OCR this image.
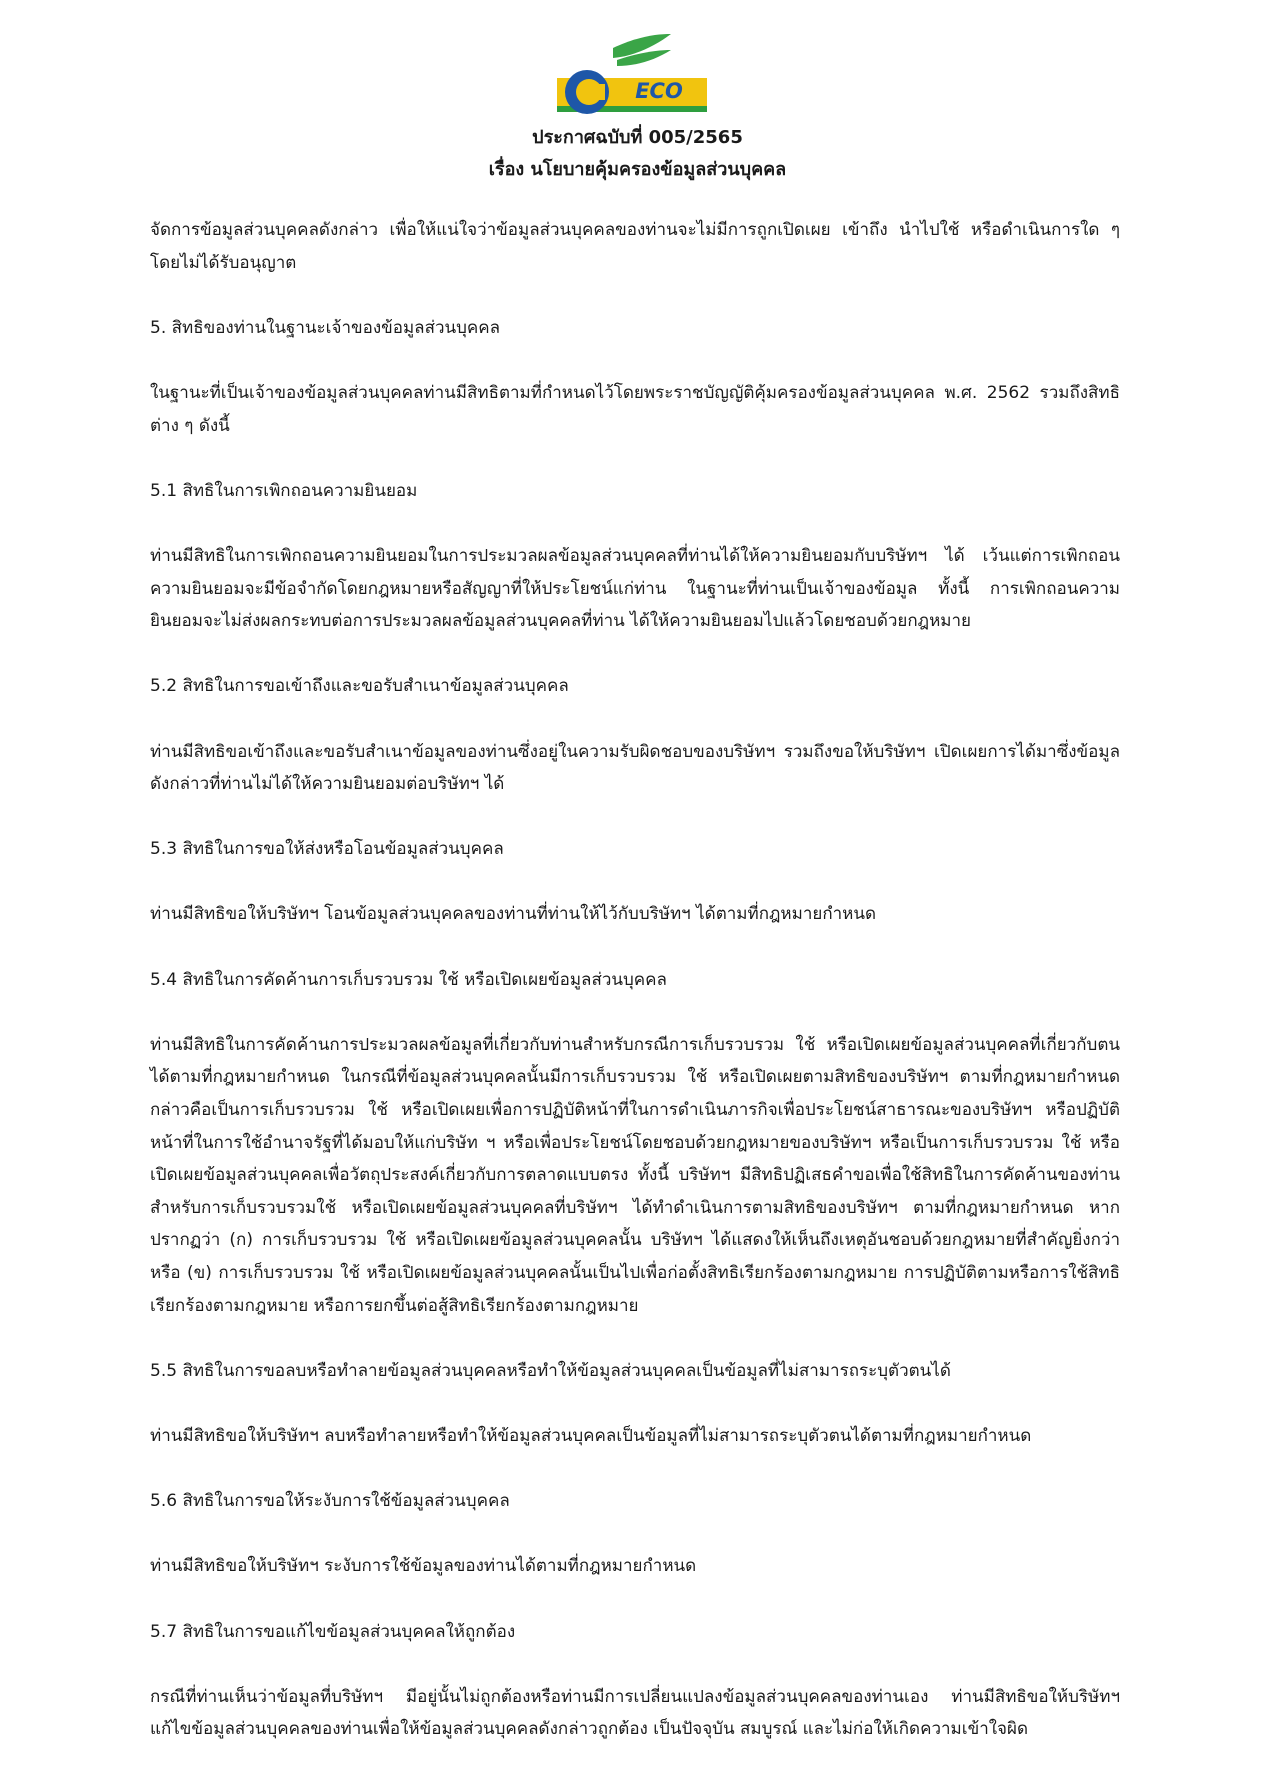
ECO
ประกาศฉบับที่ 005/2565
เรื่อง นโยบายคุ้มครองข้อมูลส่วนบุคคล

จัดการข้อมูลส่วนบุคคลดังกล่าว เพื่อให้แน่ใจว่าข้อมูลส่วนบุคคลของท่านจะไม่มีการถูกเปิดเผย เข้าถึง นำไปใช้ หรือดำเนินการใด ๆ โดยไม่ได้รับอนุญาต

5. สิทธิของท่านในฐานะเจ้าของข้อมูลส่วนบุคคล

ในฐานะที่เป็นเจ้าของข้อมูลส่วนบุคคลท่านมีสิทธิตามที่กำหนดไว้โดยพระราชบัญญัติคุ้มครองข้อมูลส่วนบุคคล พ.ศ. 2562 รวมถึงสิทธิต่าง ๆ ดังนี้

5.1 สิทธิในการเพิกถอนความยินยอม

ท่านมีสิทธิในการเพิกถอนความยินยอมในการประมวลผลข้อมูลส่วนบุคคลที่ท่านได้ให้ความยินยอมกับบริษัทฯ ได้ เว้นแต่การเพิกถอนความยินยอมจะมีข้อจำกัดโดยกฎหมายหรือสัญญาที่ให้ประโยชน์แก่ท่าน ในฐานะที่ท่านเป็นเจ้าของข้อมูล ทั้งนี้ การเพิกถอนความยินยอมจะไม่ส่งผลกระทบต่อการประมวลผลข้อมูลส่วนบุคคลที่ท่าน ได้ให้ความยินยอมไปแล้วโดยชอบด้วยกฎหมาย

5.2 สิทธิในการขอเข้าถึงและขอรับสำเนาข้อมูลส่วนบุคคล

ท่านมีสิทธิขอเข้าถึงและขอรับสำเนาข้อมูลของท่านซึ่งอยู่ในความรับผิดชอบของบริษัทฯ รวมถึงขอให้บริษัทฯ เปิดเผยการได้มาซึ่งข้อมูลดังกล่าวที่ท่านไม่ได้ให้ความยินยอมต่อบริษัทฯ ได้

5.3 สิทธิในการขอให้ส่งหรือโอนข้อมูลส่วนบุคคล

ท่านมีสิทธิขอให้บริษัทฯ โอนข้อมูลส่วนบุคคลของท่านที่ท่านให้ไว้กับบริษัทฯ ได้ตามที่กฎหมายกำหนด

5.4 สิทธิในการคัดค้านการเก็บรวบรวม ใช้ หรือเปิดเผยข้อมูลส่วนบุคคล

ท่านมีสิทธิในการคัดค้านการประมวลผลข้อมูลที่เกี่ยวกับท่านสำหรับกรณีการเก็บรวบรวม ใช้ หรือเปิดเผยข้อมูลส่วนบุคคลที่เกี่ยวกับตนได้ตามที่กฎหมายกำหนด ในกรณีที่ข้อมูลส่วนบุคคลนั้นมีการเก็บรวบรวม ใช้ หรือเปิดเผยตามสิทธิของบริษัทฯ ตามที่กฎหมายกำหนด กล่าวคือเป็นการเก็บรวบรวม ใช้ หรือเปิดเผยเพื่อการปฏิบัติหน้าที่ในการดำเนินภารกิจเพื่อประโยชน์สาธารณะของบริษัทฯ หรือปฏิบัติหน้าที่ในการใช้อำนาจรัฐที่ได้มอบให้แก่บริษัท ฯ หรือเพื่อประโยชน์โดยชอบด้วยกฎหมายของบริษัทฯ หรือเป็นการเก็บรวบรวม ใช้ หรือเปิดเผยข้อมูลส่วนบุคคลเพื่อวัตถุประสงค์เกี่ยวกับการตลาดแบบตรง ทั้งนี้ บริษัทฯ มีสิทธิปฏิเสธคำขอเพื่อใช้สิทธิในการคัดค้านของท่านสำหรับการเก็บรวบรวมใช้ หรือเปิดเผยข้อมูลส่วนบุคคลที่บริษัทฯ ได้ทำดำเนินการตามสิทธิของบริษัทฯ ตามที่กฎหมายกำหนด หากปรากฏว่า (ก) การเก็บรวบรวม ใช้ หรือเปิดเผยข้อมูลส่วนบุคคลนั้น บริษัทฯ ได้แสดงให้เห็นถึงเหตุอันชอบด้วยกฎหมายที่สำคัญยิ่งกว่า หรือ (ข) การเก็บรวบรวม ใช้ หรือเปิดเผยข้อมูลส่วนบุคคลนั้นเป็นไปเพื่อก่อตั้งสิทธิเรียกร้องตามกฎหมาย การปฏิบัติตามหรือการใช้สิทธิเรียกร้องตามกฎหมาย หรือการยกขึ้นต่อสู้สิทธิเรียกร้องตามกฎหมาย

5.5 สิทธิในการขอลบหรือทำลายข้อมูลส่วนบุคคลหรือทำให้ข้อมูลส่วนบุคคลเป็นข้อมูลที่ไม่สามารถระบุตัวตนได้

ท่านมีสิทธิขอให้บริษัทฯ ลบหรือทำลายหรือทำให้ข้อมูลส่วนบุคคลเป็นข้อมูลที่ไม่สามารถระบุตัวตนได้ตามที่กฎหมายกำหนด

5.6 สิทธิในการขอให้ระงับการใช้ข้อมูลส่วนบุคคล

ท่านมีสิทธิขอให้บริษัทฯ ระงับการใช้ข้อมูลของท่านได้ตามที่กฎหมายกำหนด

5.7 สิทธิในการขอแก้ไขข้อมูลส่วนบุคคลให้ถูกต้อง

กรณีที่ท่านเห็นว่าข้อมูลที่บริษัทฯ มีอยู่นั้นไม่ถูกต้องหรือท่านมีการเปลี่ยนแปลงข้อมูลส่วนบุคคลของท่านเอง ท่านมีสิทธิขอให้บริษัทฯ แก้ไขข้อมูลส่วนบุคคลของท่านเพื่อให้ข้อมูลส่วนบุคคลดังกล่าวถูกต้อง เป็นปัจจุบัน สมบูรณ์ และไม่ก่อให้เกิดความเข้าใจผิด
